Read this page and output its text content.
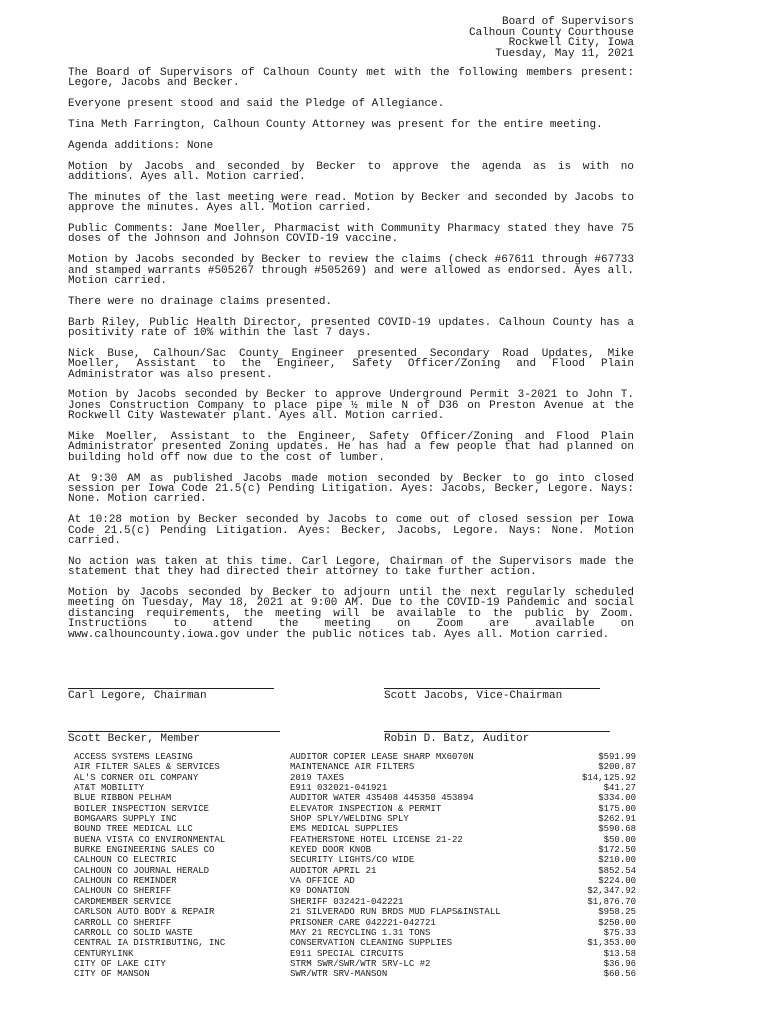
Board of Supervisors
Calhoun County Courthouse
Rockwell City, Iowa
Tuesday, May 11, 2021

The Board of Supervisors of Calhoun County met with the following members present: Legore, Jacobs and Becker.

Everyone present stood and said the Pledge of Allegiance.

Tina Meth Farrington, Calhoun County Attorney was present for the entire meeting.

Agenda additions: None

Motion by Jacobs and seconded by Becker to approve the agenda as is with no additions. Ayes all. Motion carried.

The minutes of the last meeting were read. Motion by Becker and seconded by Jacobs to approve the minutes. Ayes all. Motion carried.

Public Comments: Jane Moeller, Pharmacist with Community Pharmacy stated they have 75 doses of the Johnson and Johnson COVID-19 vaccine.

Motion by Jacobs seconded by Becker to review the claims (check #67611 through #67733 and stamped warrants #505267 through #505269) and were allowed as endorsed. Ayes all. Motion carried.

There were no drainage claims presented.

Barb Riley, Public Health Director, presented COVID-19 updates. Calhoun County has a positivity rate of 10% within the last 7 days.

Nick Buse, Calhoun/Sac County Engineer presented Secondary Road Updates, Mike Moeller, Assistant to the Engineer, Safety Officer/Zoning and Flood Plain Administrator was also present.

Motion by Jacobs seconded by Becker to approve Underground Permit 3-2021 to John T. Jones Construction Company to place pipe ½ mile N of D36 on Preston Avenue at the Rockwell City Wastewater plant. Ayes all. Motion carried.

Mike Moeller, Assistant to the Engineer, Safety Officer/Zoning and Flood Plain Administrator presented Zoning updates. He has had a few people that had planned on building hold off now due to the cost of lumber.

At 9:30 AM as published Jacobs made motion seconded by Becker to go into closed session per Iowa Code 21.5(c) Pending Litigation. Ayes: Jacobs, Becker, Legore. Nays: None. Motion carried.

At 10:28 motion by Becker seconded by Jacobs to come out of closed session per Iowa Code 21.5(c) Pending Litigation. Ayes: Becker, Jacobs, Legore. Nays: None. Motion carried.

No action was taken at this time. Carl Legore, Chairman of the Supervisors made the statement that they had directed their attorney to take further action.

Motion by Jacobs seconded by Becker to adjourn until the next regularly scheduled meeting on Tuesday, May 18, 2021 at 9:00 AM. Due to the COVID-19 Pandemic and social distancing requirements, the meeting will be available to the public by Zoom. Instructions to attend the meeting on Zoom are available on www.calhouncounty.iowa.gov under the public notices tab. Ayes all. Motion carried.

Carl Legore, Chairman	Scott Jacobs, Vice-Chairman
Scott Becker, Member	Robin D. Batz, Auditor
ACCESS SYSTEMS LEASING	AUDITOR COPIER LEASE SHARP MX6070N	$591.99
AIR FILTER SALES & SERVICES	MAINTENANCE AIR FILTERS	$200.87
AL'S CORNER OIL COMPANY	2019 TAXES	$14,125.92
AT&T MOBILITY	E911 032021-041921	$41.27
BLUE RIBBON PELHAM	AUDITOR WATER 435408 445350 453894	$334.00
BOILER INSPECTION SERVICE	ELEVATOR INSPECTION & PERMIT	$175.00
BOMGAARS SUPPLY INC	SHOP SPLY/WELDING SPLY	$262.91
BOUND TREE MEDICAL LLC	EMS MEDICAL SUPPLIES	$590.68
BUENA VISTA CO ENVIRONMENTAL	FEATHERSTONE HOTEL LICENSE 21-22	$50.00
BURKE ENGINEERING SALES CO	KEYED DOOR KNOB	$172.50
CALHOUN CO ELECTRIC	SECURITY LIGHTS/CO WIDE	$210.00
CALHOUN CO JOURNAL HERALD	AUDITOR APRIL 21	$852.54
CALHOUN CO REMINDER	VA OFFICE AD	$224.00
CALHOUN CO SHERIFF	K9 DONATION	$2,347.92
CARDMEMBER SERVICE	SHERIFF 032421-042221	$1,876.70
CARLSON AUTO BODY & REPAIR	21 SILVERADO RUN BRDS MUD FLAPS&INSTALL	$958.25
CARROLL CO SHERIFF	PRISONER CARE 042221-042721	$250.00
CARROLL CO SOLID WASTE	MAY 21 RECYCLING 1.31 TONS	$75.33
CENTRAL IA DISTRIBUTING, INC	CONSERVATION CLEANING SUPPLIES	$1,353.00
CENTURYLINK	E911 SPECIAL CIRCUITS	$13.58
CITY OF LAKE CITY	STRM SWR/SWR/WTR SRV-LC #2	$36.96
CITY OF MANSON	SWR/WTR SRV-MANSON	$60.56
